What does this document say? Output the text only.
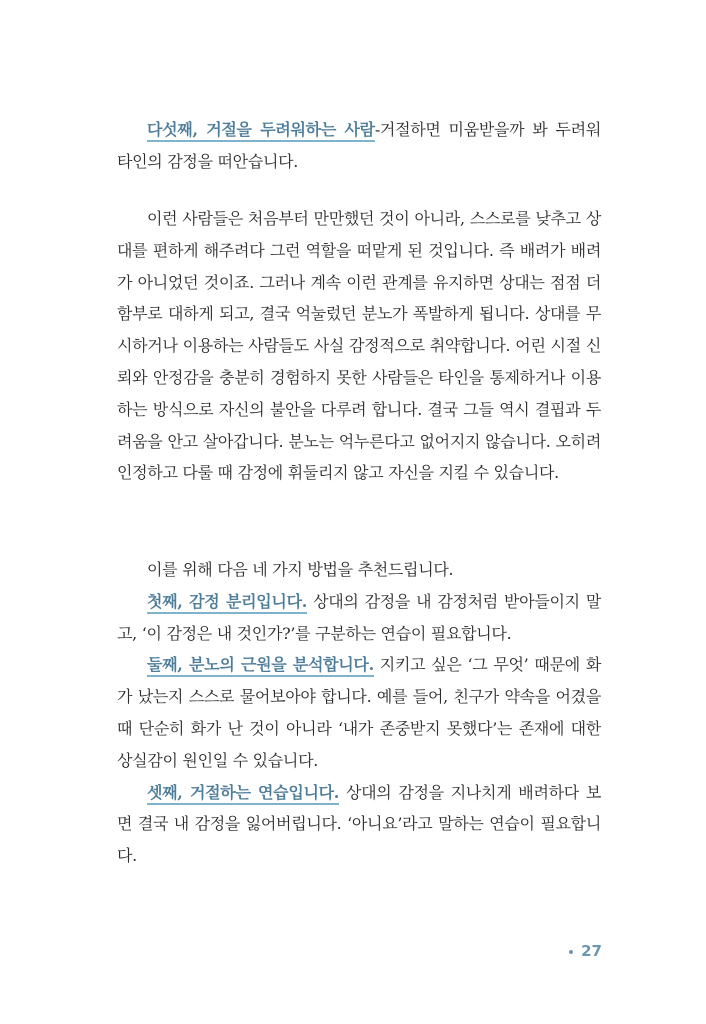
다섯째, 거절을 두려워하는 사람-거절하면 미움받을까 봐 두려워 타인의 감정을 떠안습니다.
이런 사람들은 처음부터 만만했던 것이 아니라, 스스로를 낮추고 상대를 편하게 해주려다 그런 역할을 떠맡게 된 것입니다. 즉 배려가 배려가 아니었던 것이죠. 그러나 계속 이런 관계를 유지하면 상대는 점점 더 함부로 대하게 되고, 결국 억눌렀던 분노가 폭발하게 됩니다. 상대를 무시하거나 이용하는 사람들도 사실 감정적으로 취약합니다. 어린 시절 신뢰와 안정감을 충분히 경험하지 못한 사람들은 타인을 통제하거나 이용하는 방식으로 자신의 불안을 다루려 합니다. 결국 그들 역시 결핍과 두려움을 안고 살아갑니다. 분노는 억누른다고 없어지지 않습니다. 오히려 인정하고 다룰 때 감정에 휘둘리지 않고 자신을 지킬 수 있습니다.
이를 위해 다음 네 가지 방법을 추천드립니다.
첫째, 감정 분리입니다. 상대의 감정을 내 감정처럼 받아들이지 말고, ‘이 감정은 내 것인가?’를 구분하는 연습이 필요합니다.
둘째, 분노의 근원을 분석합니다. 지키고 싶은 ‘그 무엇’ 때문에 화가 났는지 스스로 물어보아야 합니다. 예를 들어, 친구가 약속을 어겼을 때 단순히 화가 난 것이 아니라 ‘내가 존중받지 못했다’는 존재에 대한 상실감이 원인일 수 있습니다.
셋째, 거절하는 연습입니다. 상대의 감정을 지나치게 배려하다 보면 결국 내 감정을 잃어버립니다. ‘아니요’라고 말하는 연습이 필요합니다.
27
